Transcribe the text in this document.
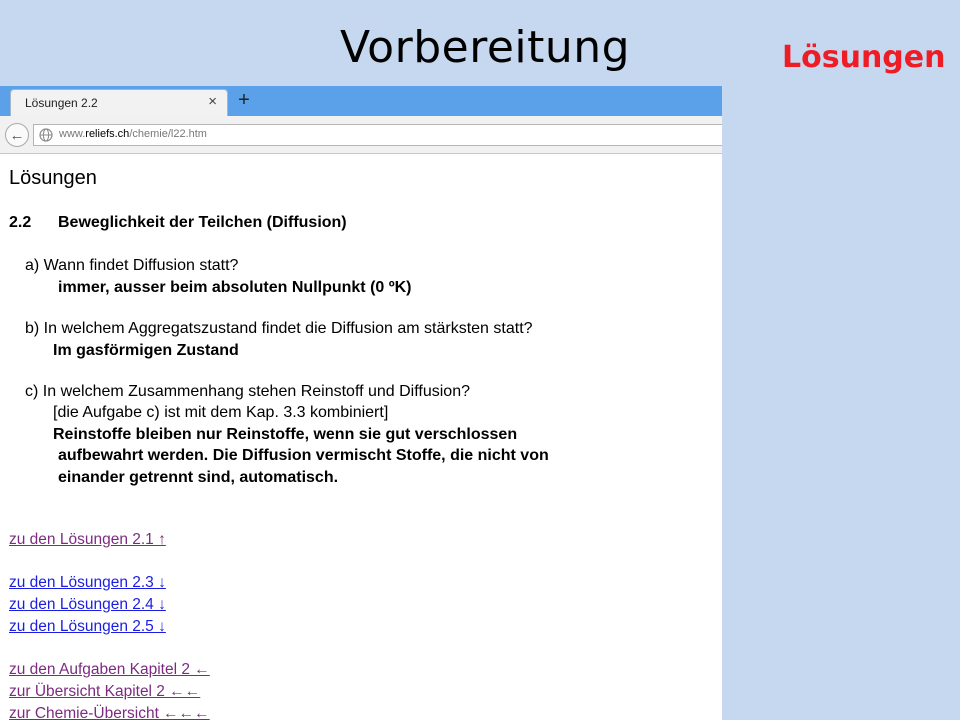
Vorbereitung	Lösungen
Lösungen 2.2	× +
←	www.reliefs.ch/chemie/l22.htm
Lösungen
2.2 Beweglichkeit der Teilchen (Diffusion)
a) Wann findet Diffusion statt?
immer, ausser beim absoluten Nullpunkt (0 ºK)
b) In welchem Aggregatszustand findet die Diffusion am stärksten statt?
Im gasförmigen Zustand
c) In welchem Zusammenhang stehen Reinstoff und Diffusion?
[die Aufgabe c) ist mit dem Kap. 3.3 kombiniert]
Reinstoffe bleiben nur Reinstoffe, wenn sie gut verschlossen
aufbewahrt werden. Die Diffusion vermischt Stoffe, die nicht von
einander getrennt sind, automatisch.
zu den Lösungen 2.1 ↑
zu den Lösungen 2.3 ↓
zu den Lösungen 2.4 ↓
zu den Lösungen 2.5 ↓
zu den Aufgaben Kapitel 2 ←
zur Übersicht Kapitel 2 ←←
zur Chemie-Übersicht ←←←
